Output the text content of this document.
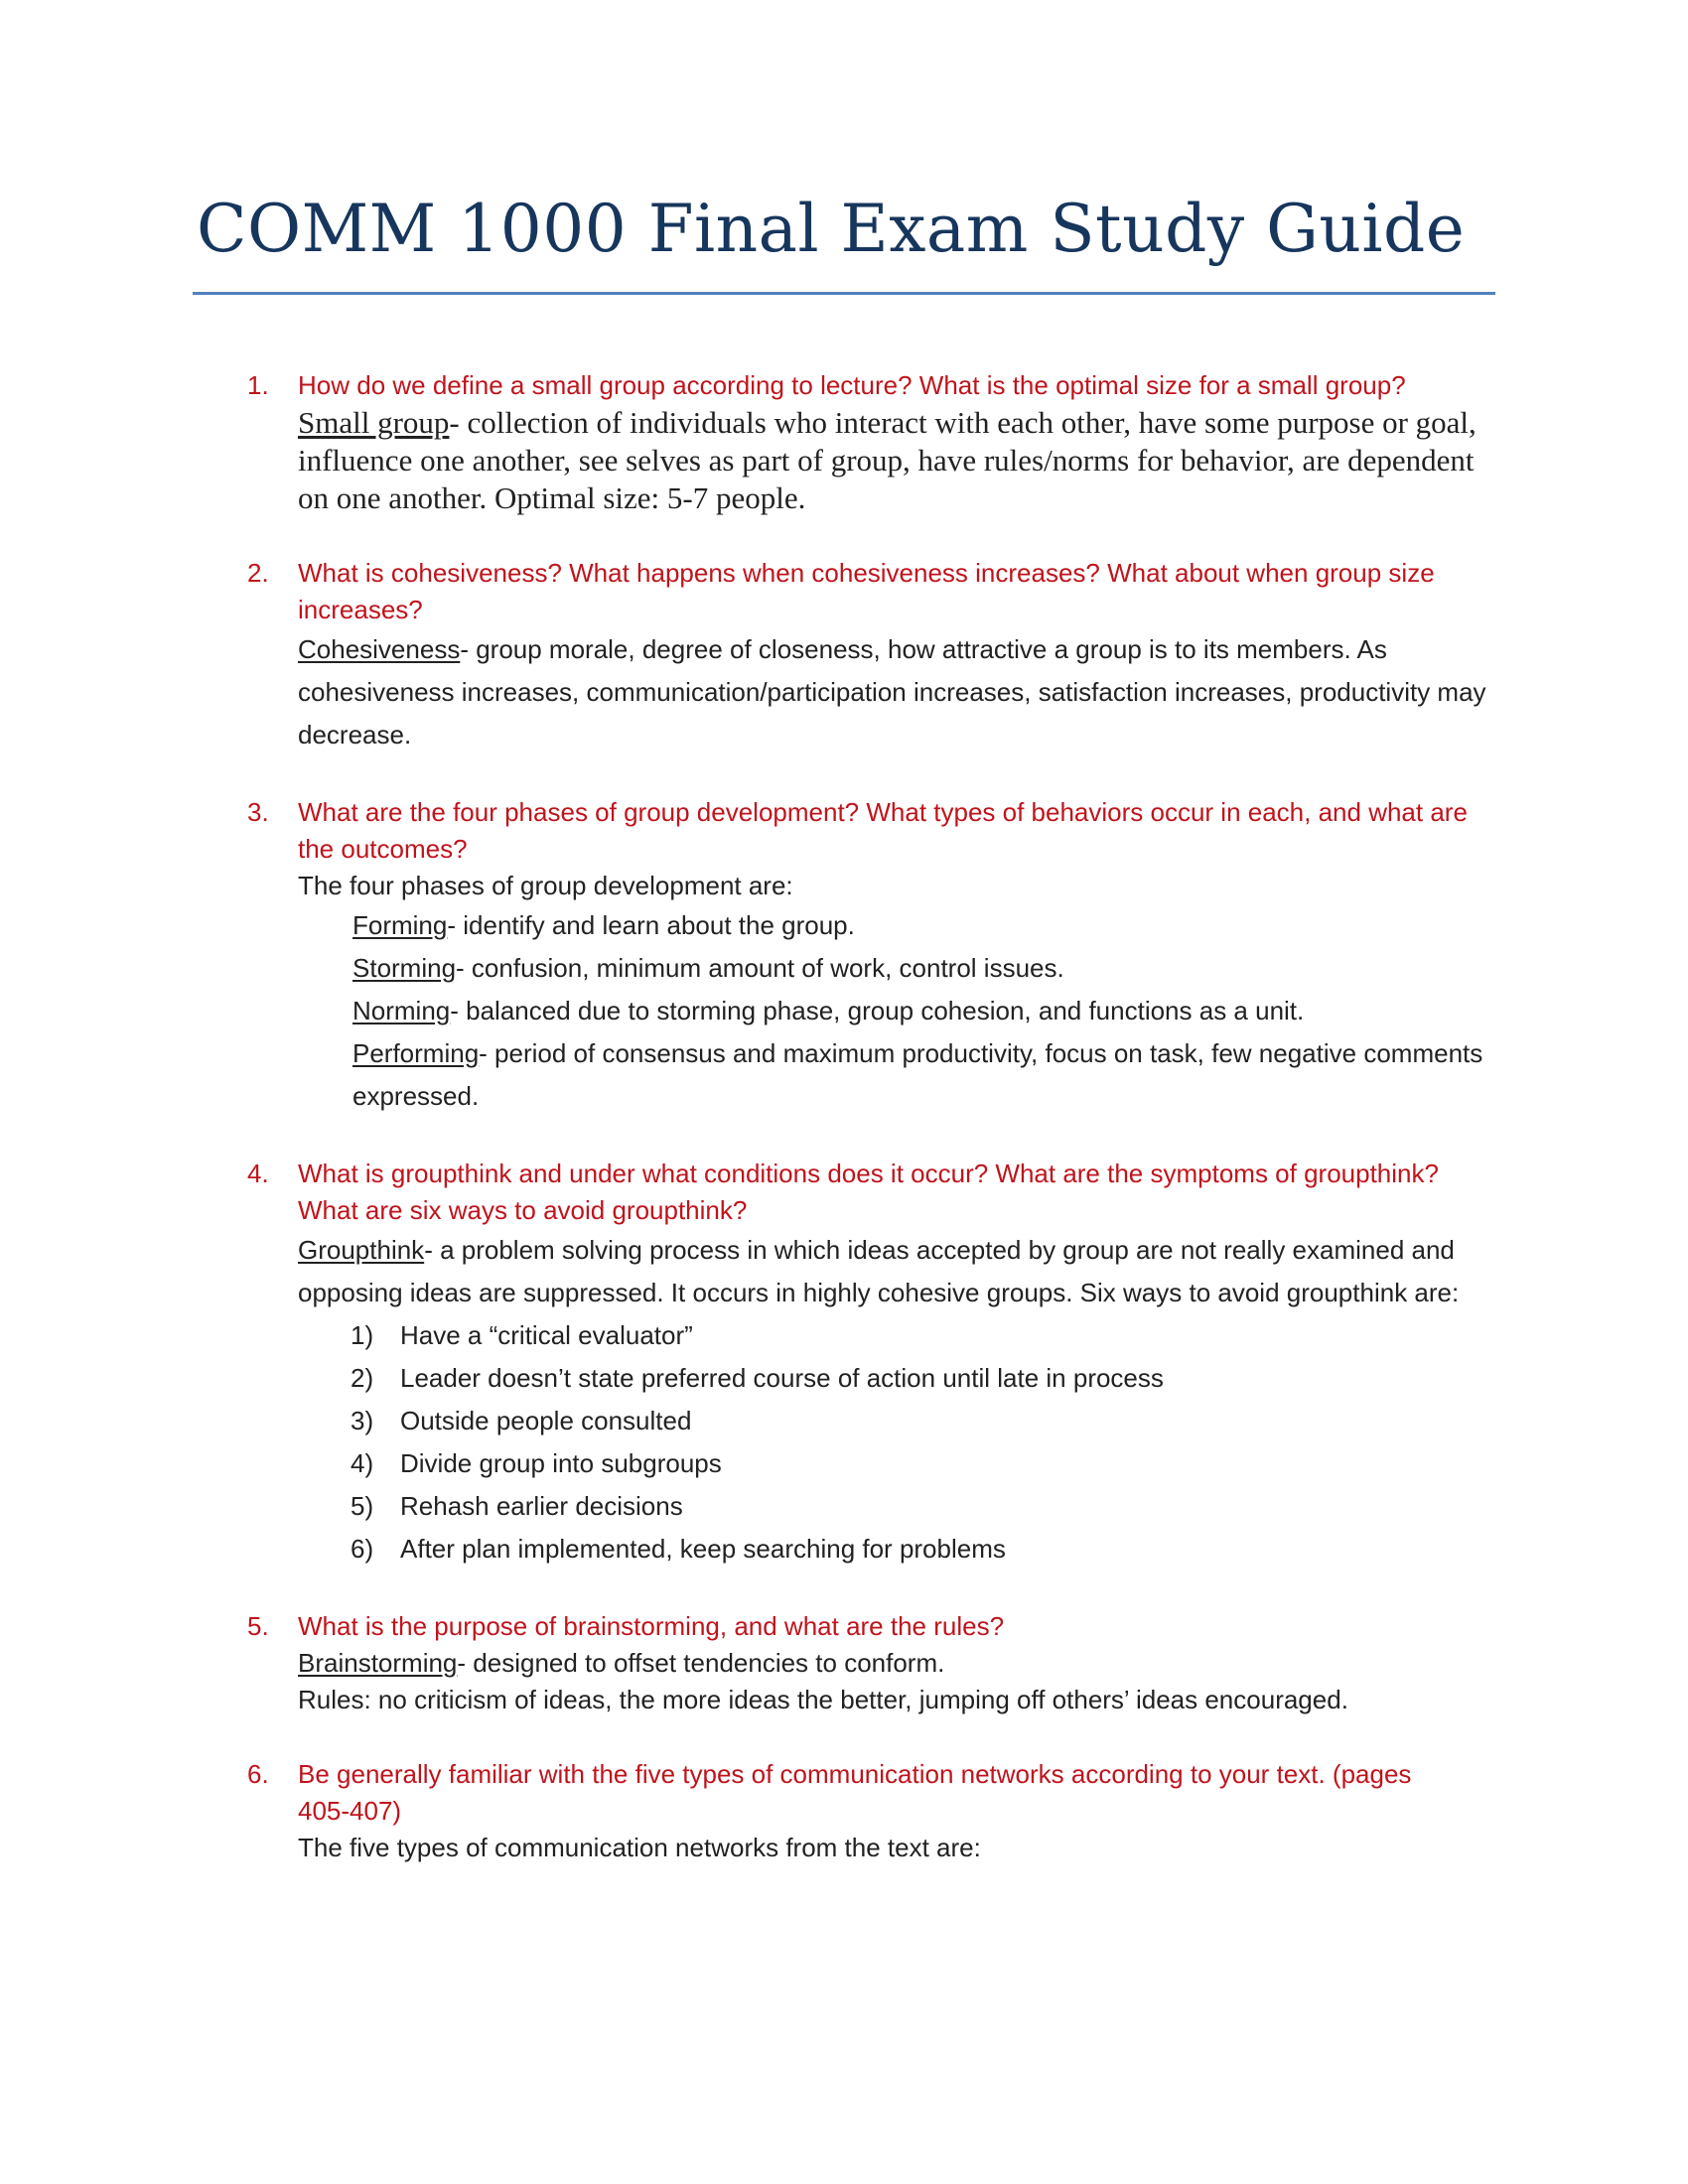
COMM 1000 Final Exam Study Guide
1. How do we define a small group according to lecture? What is the optimal size for a small group?
Small group- collection of individuals who interact with each other, have some purpose or goal, influence one another, see selves as part of group, have rules/norms for behavior, are dependent on one another. Optimal size: 5-7 people.
2. What is cohesiveness? What happens when cohesiveness increases? What about when group size increases?
Cohesiveness- group morale, degree of closeness, how attractive a group is to its members. As cohesiveness increases, communication/participation increases, satisfaction increases, productivity may decrease.
3. What are the four phases of group development? What types of behaviors occur in each, and what are the outcomes?
The four phases of group development are:
Forming- identify and learn about the group.
Storming- confusion, minimum amount of work, control issues.
Norming- balanced due to storming phase, group cohesion, and functions as a unit.
Performing- period of consensus and maximum productivity, focus on task, few negative comments expressed.
4. What is groupthink and under what conditions does it occur? What are the symptoms of groupthink? What are six ways to avoid groupthink?
Groupthink- a problem solving process in which ideas accepted by group are not really examined and opposing ideas are suppressed. It occurs in highly cohesive groups. Six ways to avoid groupthink are:
1) Have a “critical evaluator”
2) Leader doesn’t state preferred course of action until late in process
3) Outside people consulted
4) Divide group into subgroups
5) Rehash earlier decisions
6) After plan implemented, keep searching for problems
5. What is the purpose of brainstorming, and what are the rules?
Brainstorming- designed to offset tendencies to conform.
Rules: no criticism of ideas, the more ideas the better, jumping off others’ ideas encouraged.
6. Be generally familiar with the five types of communication networks according to your text. (pages 405-407)
The five types of communication networks from the text are:
